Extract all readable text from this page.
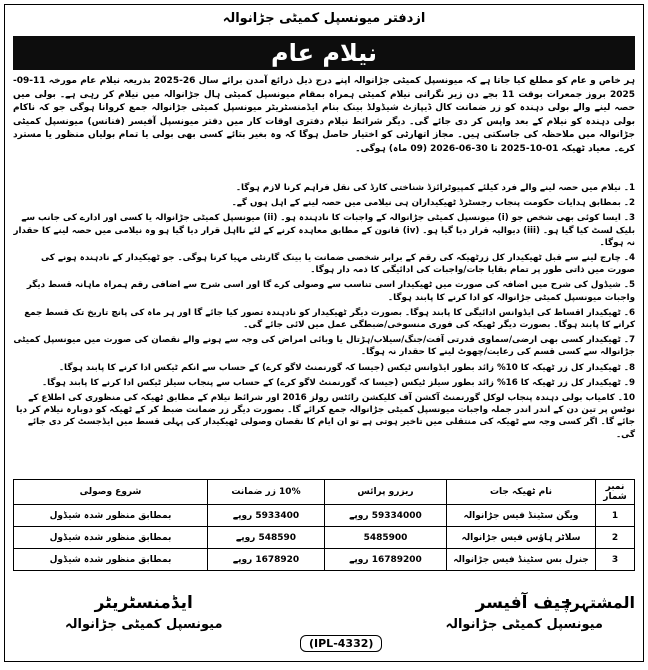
ازدفتر میونسپل کمیٹی جڑانوالہ
نیلام عام
ہر خاص و عام کو مطلع کیا جاتا ہے کہ میونسپل کمیٹی جڑانوالہ اپنے درج ذیل ذرائع آمدن برائے سال 26-2025 بذریعہ نیلام عام مورخہ 11-09-2025 بروز جمعرات بوقت 11 بجے دن زیر نگرانی نیلام کمیٹی ہمراہ بمقام میونسپل کمیٹی ہال جڑانوالہ میں نیلام کر رہی ہے۔ بولی میں حصہ لینے والے بولی دہندہ کو زر ضمانت کال ڈیپازٹ شیڈولڈ بینک بنام ایڈمنسٹریٹر میونسپل کمیٹی جڑانوالہ جمع کروانا ہوگی جو کہ ناکام بولی دہندہ کو نیلام کے بعد واپس کر دی جائے گی۔ دیگر شرائط نیلام دفتری اوقات کار میں دفتر میونسپل آفیسر (فنانس) میونسپل کمیٹی جڑانوالہ میں ملاحظہ کی جاسکتی ہیں۔ مجاز اتھارٹی کو اختیار حاصل ہوگا کہ وہ بغیر بتائے کسی بھی بولی یا تمام بولیاں منظور یا مسترد کرے۔ معیاد ٹھیکہ 01-10-2025 تا 30-06-2026 (09 ماہ) ہوگی۔
1۔ نیلام میں حصہ لینے والے فرد کیلئے کمپیوٹرائزڈ شناختی کارڈ کی نقل فراہم کرنا لازم ہوگا۔
2۔ بمطابق ہدایات حکومت پنجاب رجسٹرڈ ٹھیکیداران ہی نیلامی میں حصہ لینے کے اہل ہوں گے۔
3۔ ایسا کوئی بھی شخص جو (i) میونسپل کمیٹی جڑانوالہ کے واجبات کا نادہندہ ہو۔ (ii) میونسپل کمیٹی جڑانوالہ یا کسی اور ادارے کی جانب سے بلیک لسٹ کیا گیا ہو۔ (iii) دیوالیہ قرار دیا گیا ہو۔ (iv) قانون کے مطابق معاہدہ کرنے کے لئے نااہل قرار دیا گیا ہو وہ نیلامی میں حصہ لینے کا حقدار نہ ہوگا۔
4۔ چارج لینے سے قبل ٹھیکیدار کل زرٹھیکہ کی رقم کے برابر شخصی ضمانت یا بینک گارنٹی مہیا کرنا ہوگی۔ جو ٹھیکیدار کے نادہندہ ہونے کی صورت میں ذاتی طور پر تمام بقایا جات/واجبات کی ادائیگی کا ذمہ دار ہوگا۔
5۔ شیڈول کی شرح میں اضافہ کی صورت میں ٹھیکیدار اسی تناسب سے وصولی کرے گا اور اسی شرح سے اضافی رقم ہمراہ ماہانہ قسط دیگر واجبات میونسپل کمیٹی جڑانوالہ کو ادا کرنے کا پابند ہوگا۔
6۔ ٹھیکیدار اقساط کی ایڈوانس ادائیگی کا پابند ہوگا۔ بصورت دیگر ٹھیکیدار کو نادہندہ تصور کیا جائے گا اور ہر ماہ کی پانچ تاریخ تک قسط جمع کرانے کا پابند ہوگا۔ بصورت دیگر ٹھیکہ کی فوری منسوخی/ضبطگی عمل میں لائی جائے گی۔
7۔ ٹھیکیدار کسی بھی ارضی/سماوی قدرتی آفت/جنگ/سیلاب/ہڑتال یا وبائی امراض کی وجہ سے ہونے والے نقصان کی صورت میں میونسپل کمیٹی جڑانوالہ سے کسی قسم کی رعایت/چھوٹ لینے کا حقدار نہ ہوگا۔
8۔ ٹھیکیدار کل زر ٹھیکہ کا 10% زائد بطور ایڈوانس ٹیکس (جیسا کہ گورنمنٹ لاگو کرے) کے حساب سے انکم ٹیکس ادا کرنے کا پابند ہوگا۔
9۔ ٹھیکیدار کل زر ٹھیکہ کا 16% زائد بطور سیلز ٹیکس (جیسا کہ گورنمنٹ لاگو کرے) کے حساب سے پنجاب سیلز ٹیکس ادا کرنے کا پابند ہوگا۔
10۔ کامیاب بولی دہندہ پنجاب لوکل گورنمنٹ آکشن آف کلیکشن رائٹس رولز 2016 اور شرائط نیلام کے مطابق ٹھیکہ کی منظوری کی اطلاع کے نوٹس پر تین دن کے اندر اندر جملہ واجبات میونسپل کمیٹی جڑانوالہ جمع کرائے گا۔ بصورت دیگر زر ضمانت ضبط کر کے ٹھیکہ کو دوبارہ نیلام کر دیا جائے گا۔ اگر کسی وجہ سے ٹھیکہ کی منتقلی میں تاخیر ہوتی ہے تو ان ایام کا نقصان وصولی ٹھیکیدار کی پہلی قسط میں ایڈجسٹ کر دی جائے گی۔
نمبر شمار	نام ٹھیکہ جات	ریزرو پرائس	10% زر ضمانت	شروع وصولی
1	ویگن سٹینڈ فیس جڑانوالہ	59334000 روپے	5933400 روپے	بمطابق منظور شدہ شیڈول
2	سلاٹر ہاؤس فیس جڑانوالہ	5485900	548590 روپے	بمطابق منظور شدہ شیڈول
3	جنرل بس سٹینڈ فیس جڑانوالہ	16789200 روپے	1678920 روپے	بمطابق منظور شدہ شیڈول
المشتہر:
چیف آفیسر
میونسپل کمیٹی جڑانوالہ
ایڈمنسٹریٹر
میونسپل کمیٹی جڑانوالہ
(IPL-4332)
